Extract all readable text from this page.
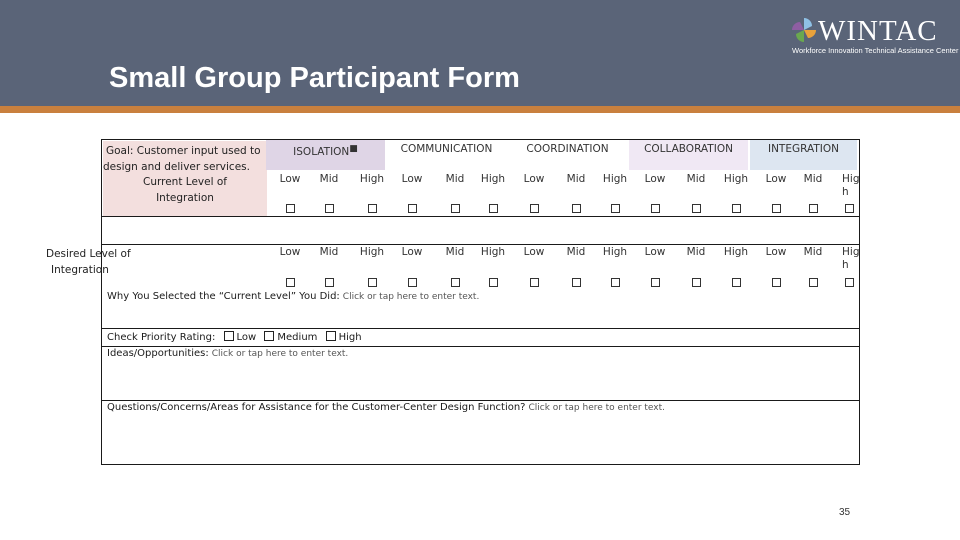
Small Group Participant Form
WINTAC
Workforce Innovation Technical Assistance Center
Goal: Customer input used to
design and deliver services.
Current Level of
Integration
Desired Level of
Integration
ISOLATION■	COMMUNICATION	COORDINATION	COLLABORATION	INTEGRATION
Low	Mid	High	Low	Mid	High	Low	Mid	High	Low	Mid	High	Low	Mid	Hig
h
Low	Mid	High	Low	Mid	High	Low	Mid	High	Low	Mid	High	Low	Mid	Hig
h
Why You Selected the “Current Level” You Did: Click or tap here to enter text.
Check Priority Rating: Low Medium High
Ideas/Opportunities: Click or tap here to enter text.
Questions/Concerns/Areas for Assistance for the Customer-Center Design Function? Click or tap here to enter text.
35
